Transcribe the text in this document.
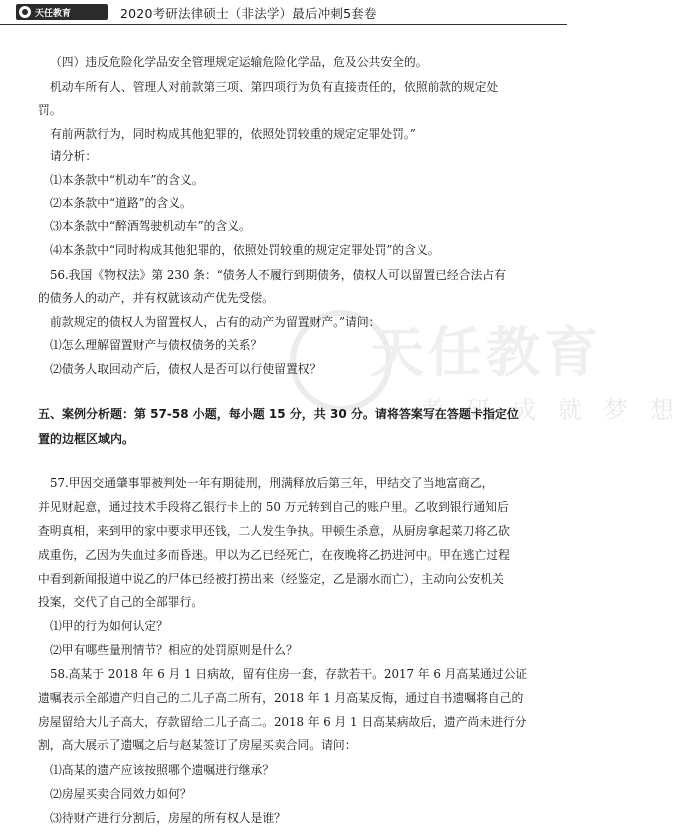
天任教育	2020考研法律硕士（非法学）最后冲刺5套卷
天任教育
考研成就梦想
（四）违反危险化学品安全管理规定运输危险化学品，危及公共安全的。
机动车所有人、管理人对前款第三项、第四项行为负有直接责任的，依照前款的规定处
罚。
有前两款行为，同时构成其他犯罪的，依照处罚较重的规定定罪处罚。”
请分析：
⑴本条款中“机动车”的含义。
⑵本条款中“道路”的含义。
⑶本条款中“醉酒驾驶机动车”的含义。
⑷本条款中“同时构成其他犯罪的，依照处罚较重的规定定罪处罚”的含义。
56.我国《物权法》第 230 条：“债务人不履行到期债务，债权人可以留置已经合法占有
的债务人的动产，并有权就该动产优先受偿。
前款规定的债权人为留置权人，占有的动产为留置财产。”请问：
⑴怎么理解留置财产与债权债务的关系？
⑵债务人取回动产后，债权人是否可以行使留置权？
五、案例分析题：第 57-58 小题，每小题 15 分，共 30 分。请将答案写在答题卡指定位
置的边框区域内。
57.甲因交通肇事罪被判处一年有期徒刑，刑满释放后第三年，甲结交了当地富商乙，
并见财起意，通过技术手段将乙银行卡上的 50 万元转到自己的账户里。乙收到银行通知后
查明真相，来到甲的家中要求甲还钱，二人发生争执。甲顿生杀意，从厨房拿起菜刀将乙砍
成重伤，乙因为失血过多而昏迷。甲以为乙已经死亡，在夜晚将乙扔进河中。甲在逃亡过程
中看到新闻报道中说乙的尸体已经被打捞出来（经鉴定，乙是溺水而亡），主动向公安机关
投案，交代了自己的全部罪行。
⑴甲的行为如何认定？
⑵甲有哪些量刑情节？相应的处罚原则是什么？
58.高某于 2018 年 6 月 1 日病故，留有住房一套，存款若干。2017 年 6 月高某通过公证
遗嘱表示全部遗产归自己的二儿子高二所有，2018 年 1 月高某反悔，通过自书遗嘱将自己的
房屋留给大儿子高大，存款留给二儿子高二。2018 年 6 月 1 日高某病故后，遗产尚未进行分
割，高大展示了遗嘱之后与赵某签订了房屋买卖合同。请问：
⑴高某的遗产应该按照哪个遗嘱进行继承？
⑵房屋买卖合同效力如何？
⑶待财产进行分割后，房屋的所有权人是谁？
